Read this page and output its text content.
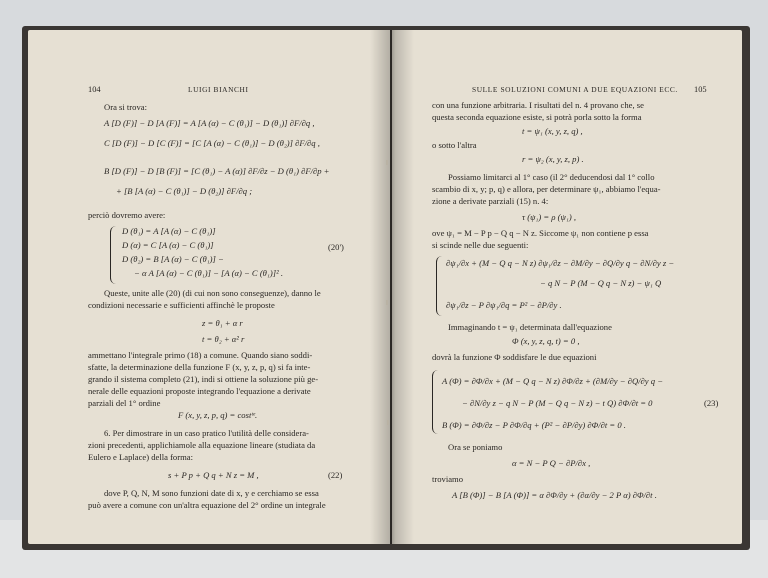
104	LUIGI BIANCHI
Ora si trova:
A [D (F)] − D [A (F)] = A [A (α) − C (θ₁)] − D (θ₁)] ∂F/∂q ,
C [D (F)] − D [C (F)] = [C [A (α) − C (θ₁)] − D (θ₂)] ∂F/∂q ,
B [D (F)] − D [B (F)] = [C (θ₁) − A (α)] ∂F/∂z − D (θ₁) ∂F/∂p +
+ [B [A (α) − C (θ₁)] − D (θ₂)] ∂F/∂q ;
perciò dovremo avere:
D (θ₁) = A [A (α) − C (θ₁)]
D (α) = C [A (α) − C (θ₁)]
D (θ₂) = B [A (α) − C (θ₁)] −
− α A [A (α) − C (θ₁)] − [A (α) − C (θ₁)]² .
(20')
Queste, unite alle (20) (di cui non sono conseguenze), danno le
condizioni necessarie e sufficienti affinchè le proposte
z = θ₁ + α r
t = θ₂ + α² r
ammettano l'integrale primo (18) a comune. Quando siano soddi-
sfatte, la determinazione della funzione F (x, y, z, p, q) si fa inte-
grando il sistema completo (21), indi si ottiene la soluzione più ge-
nerale delle equazioni proposte integrando l'equazione a derivate
parziali del 1° ordine
F (x, y, z, p, q) = costᵗᵉ.
6. Per dimostrare in un caso pratico l'utilità delle considera-
zioni precedenti, applichiamole alla equazione lineare (studiata da
Eulero e Laplace) della forma:
s + P p + Q q + N z = M ,	(22)
dove P, Q, N, M sono funzioni date di x, y e cerchiamo se essa
può avere a comune con un'altra equazione del 2° ordine un integrale
SULLE SOLUZIONI COMUNI A DUE EQUAZIONI ECC. 105
con una funzione arbitraria. I risultati del n. 4 provano che, se
questa seconda equazione esiste, si potrà porla sotto la forma
t = ψ₁ (x, y, z, q) ,
o sotto l'altra
r = ψ₂ (x, y, z, p) .
Possiamo limitarci al 1° caso (il 2° deducendosi dal 1° collo
scambio di x, y; p, q) e allora, per determinare ψ₁, abbiamo l'equa-
zione a derivate parziali (15) n. 4:
τ (ψ₁) = ρ (ψ₁) ,
ove ψ₁ = M − P p − Q q − N z. Siccome ψ₁ non contiene p essa
si scinde nelle due seguenti:
∂ψ₁/∂x + (M − Q q − N z) ∂ψ₁/∂z − ∂M/∂y − ∂Q/∂y q − ∂N/∂y z −
− q N − P (M − Q q − N z) − ψ₁ Q
∂ψ₁/∂z − P ∂ψ₁/∂q = P² − ∂P/∂y .
Immaginando t = ψ₁ determinata dall'equazione
Φ (x, y, z, q, t) = 0 ,
dovrà la funzione Φ soddisfare le due equazioni
A (Φ) = ∂Φ/∂x + (M − Q q − N z) ∂Φ/∂z + (∂M/∂y − ∂Q/∂y q −
− ∂N/∂y z − q N − P (M − Q q − N z) − t Q) ∂Φ/∂t = 0	(23)
B (Φ) = ∂Φ/∂z − P ∂Φ/∂q + (P² − ∂P/∂y) ∂Φ/∂t = 0 .
Ora se poniamo
α = N − P Q − ∂P/∂x ,
troviamo
A [B (Φ)] − B [A (Φ)] = α ∂Φ/∂y + (∂α/∂y − 2 P α) ∂Φ/∂t .
